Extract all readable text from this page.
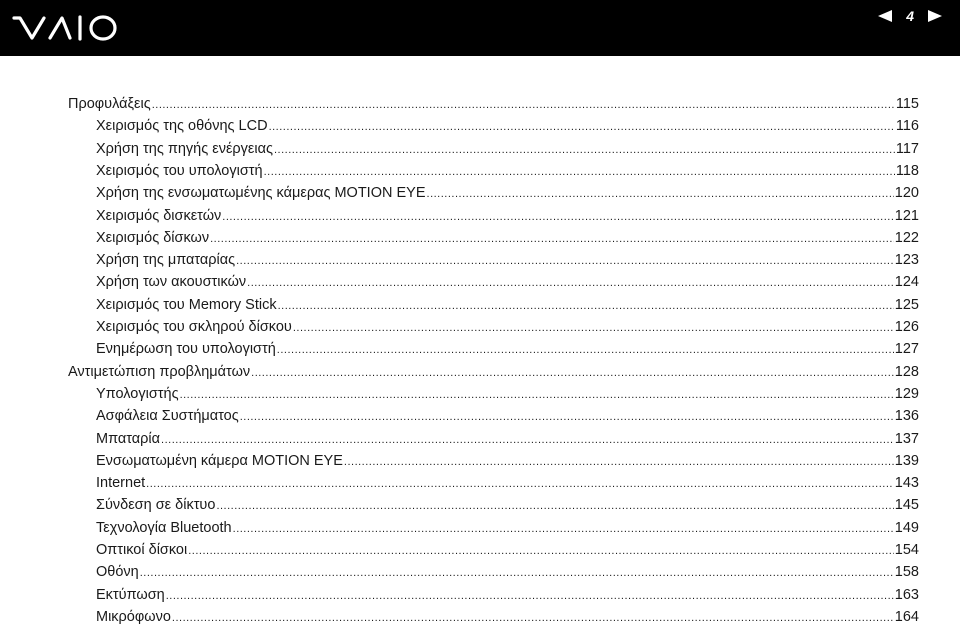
4
Προφυλάξεις .....	115
Χειρισμός της οθόνης LCD .....	116
Χρήση της πηγής ενέργειας .....	117
Χειρισμός του υπολογιστή .....	118
Χρήση της ενσωματωμένης κάμερας MOTION EYE .....	120
Χειρισμός δισκετών .....	121
Χειρισμός δίσκων .....	122
Χρήση της μπαταρίας .....	123
Χρήση των ακουστικών .....	124
Χειρισμός του Memory Stick .....	125
Χειρισμός του σκληρού δίσκου .....	126
Ενημέρωση του υπολογιστή .....	127
Αντιμετώπιση προβλημάτων .....	128
Υπολογιστής .....	129
Ασφάλεια Συστήματος .....	136
Μπαταρία .....	137
Ενσωματωμένη κάμερα MOTION EYE .....	139
Internet .....	143
Σύνδεση σε δίκτυο .....	145
Τεχνολογία Bluetooth .....	149
Οπτικοί δίσκοι .....	154
Οθόνη .....	158
Εκτύπωση .....	163
Μικρόφωνο .....	164
